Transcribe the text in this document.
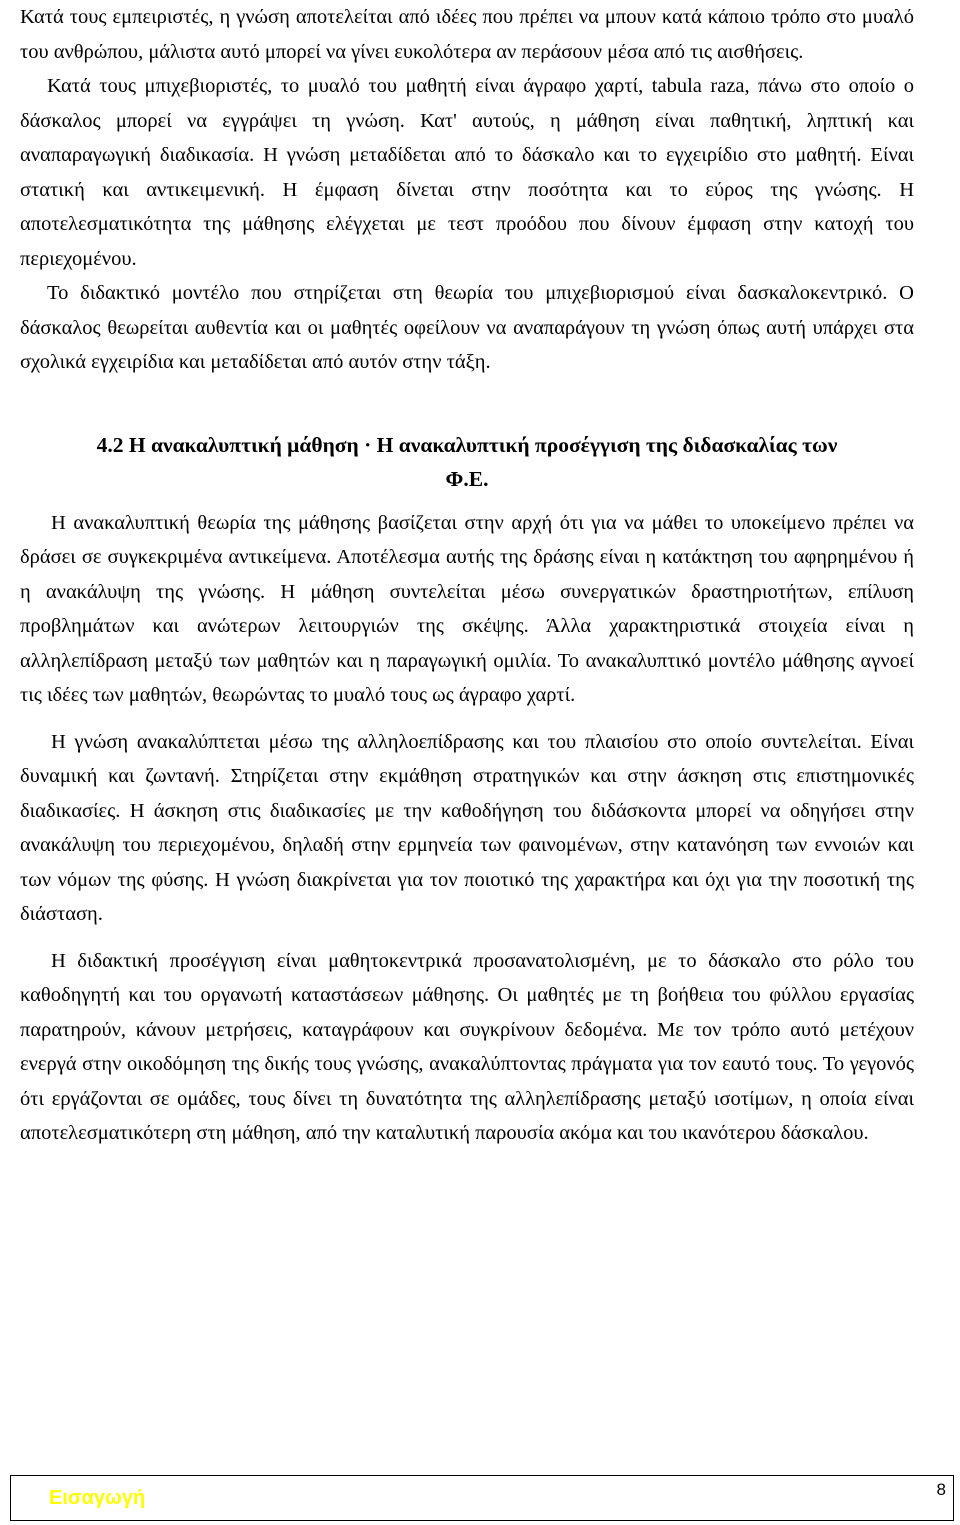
Κατά τους εμπειριστές, η γνώση αποτελείται από ιδέες που πρέπει να μπουν κατά κάποιο τρόπο στο μυαλό του ανθρώπου, μάλιστα αυτό μπορεί να γίνει ευκολότερα αν περάσουν μέσα από τις αισθήσεις.

Κατά τους μπιχεβιοριστές, το μυαλό του μαθητή είναι άγραφο χαρτί, tabula raza, πάνω στο οποίο ο δάσκαλος μπορεί να εγγράψει τη γνώση. Κατ' αυτούς, η μάθηση είναι παθητική, ληπτική και αναπαραγωγική διαδικασία. Η γνώση μεταδίδεται από το δάσκαλο και το εγχειρίδιο στο μαθητή. Είναι στατική και αντικειμενική. Η έμφαση δίνεται στην ποσότητα και το εύρος της γνώσης. Η αποτελεσματικότητα της μάθησης ελέγχεται με τεστ προόδου που δίνουν έμφαση στην κατοχή του περιεχομένου.

Το διδακτικό μοντέλο που στηρίζεται στη θεωρία του μπιχεβιορισμού είναι δασκαλοκεντρικό. Ο δάσκαλος θεωρείται αυθεντία και οι μαθητές οφείλουν να αναπαράγουν τη γνώση όπως αυτή υπάρχει στα σχολικά εγχειρίδια και μεταδίδεται από αυτόν στην τάξη.

4.2 Η ανακαλυπτική μάθηση · Η ανακαλυπτική προσέγγιση της διδασκαλίας των
Φ.Ε.

Η ανακαλυπτική θεωρία της μάθησης βασίζεται στην αρχή ότι για να μάθει το υποκείμενο πρέπει να δράσει σε συγκεκριμένα αντικείμενα. Αποτέλεσμα αυτής της δράσης είναι η κατάκτηση του αφηρημένου ή η ανακάλυψη της γνώσης. Η μάθηση συντελείται μέσω συνεργατικών δραστηριοτήτων, επίλυση προβλημάτων και ανώτερων λειτουργιών της σκέψης. Άλλα χαρακτηριστικά στοιχεία είναι η αλληλεπίδραση μεταξύ των μαθητών και η παραγωγική ομιλία. Το ανακαλυπτικό μοντέλο μάθησης αγνοεί τις ιδέες των μαθητών, θεωρώντας το μυαλό τους ως άγραφο χαρτί.

Η γνώση ανακαλύπτεται μέσω της αλληλοεπίδρασης και του πλαισίου στο οποίο συντελείται. Είναι δυναμική και ζωντανή. Στηρίζεται στην εκμάθηση στρατηγικών και στην άσκηση στις επιστημονικές διαδικασίες. Η άσκηση στις διαδικασίες με την καθοδήγηση του διδάσκοντα μπορεί να οδηγήσει στην ανακάλυψη του περιεχομένου, δηλαδή στην ερμηνεία των φαινομένων, στην κατανόηση των εννοιών και των νόμων της φύσης. Η γνώση διακρίνεται για τον ποιοτικό της χαρακτήρα και όχι για την ποσοτική της διάσταση.

Η διδακτική προσέγγιση είναι μαθητοκεντρικά προσανατολισμένη, με το δάσκαλο στο ρόλο του καθοδηγητή και του οργανωτή καταστάσεων μάθησης. Οι μαθητές με τη βοήθεια του φύλλου εργασίας παρατηρούν, κάνουν μετρήσεις, καταγράφουν και συγκρίνουν δεδομένα. Με τον τρόπο αυτό μετέχουν ενεργά στην οικοδόμηση της δικής τους γνώσης, ανακαλύπτοντας πράγματα για τον εαυτό τους. Το γεγονός ότι εργάζονται σε ομάδες, τους δίνει τη δυνατότητα της αλληλεπίδρασης μεταξύ ισοτίμων, η οποία είναι αποτελεσματικότερη στη μάθηση, από την καταλυτική παρουσία ακόμα και του ικανότερου δάσκαλου.

Εισαγωγή	8
